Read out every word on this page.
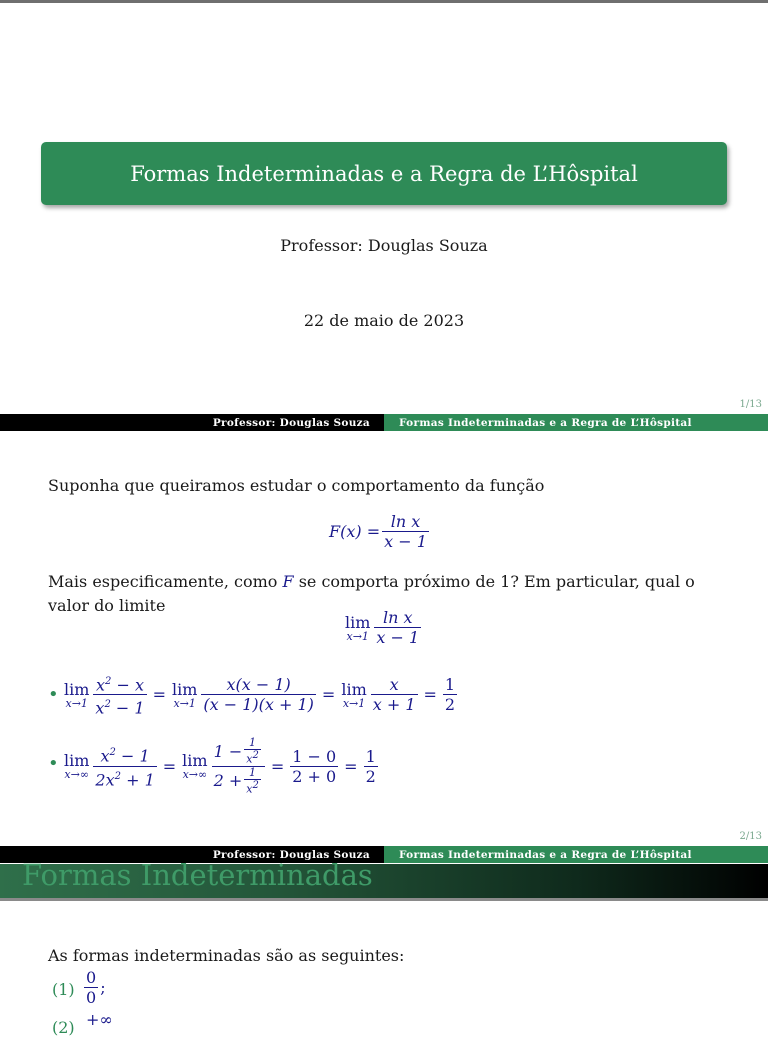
Formas Indeterminadas e a Regra de L’Hôspital
Professor: Douglas Souza
22 de maio de 2023
1/13
Professor: Douglas Souza	Formas Indeterminadas e a Regra de L’Hôspital
Suponha que queiramos estudar o comportamento da função
$F(x) = \frac{\text{ln x}}{x - 1}$
Mais especificamente, como F se comporta próximo de 1? Em particular, qual o
valor do limite
lim
$x\to 1 \frac{\text{ln x}}{x - 1}$
• lim
$x\to 1 \frac{x^2 - x}{x^2 - 1} = \lim$
$x\to 1 \frac{x(x - 1)}{(x - 1)(x + 1)} = \lim$
$x\to 1 \frac{x}{x + 1} = \frac{1}{2}$
• lim
$x\to\infty \frac{x^2 - 1}{2x^2 + 1} = \lim$
$x\to\infty \frac{1 - \frac{1}{x^2}}{2 + \frac{1}{x^2}} = \frac{1 - 0}{2 + 0} = \frac{1}{2}$
2/13
Professor: Douglas Souza	Formas Indeterminadas e a Regra de L’Hôspital
Formas Indeterminadas
As formas indeterminadas são as seguintes:
$(1) \frac{0}{0}$ ;
(2) +∞
